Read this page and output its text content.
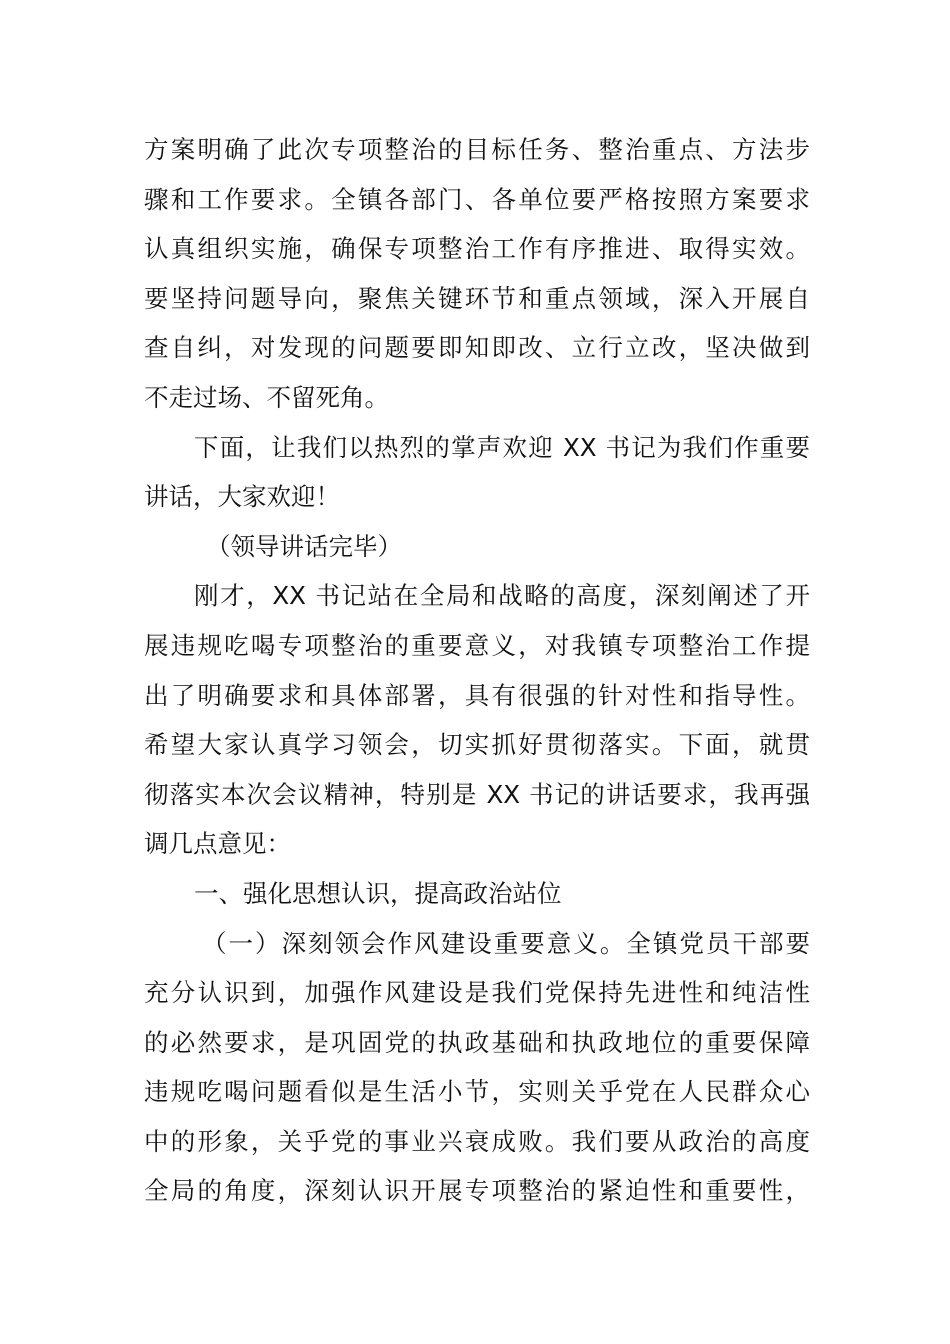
方案明确了此次专项整治的目标任务、整治重点、方法步
骤和工作要求。全镇各部门、各单位要严格按照方案要求
认真组织实施，确保专项整治工作有序推进、取得实效。
要坚持问题导向，聚焦关键环节和重点领域，深入开展自
查自纠，对发现的问题要即知即改、立行立改，坚决做到
不走过场、不留死角。
下面，让我们以热烈的掌声欢迎 XX 书记为我们作重要
讲话，大家欢迎！
（领导讲话完毕）
刚才，XX 书记站在全局和战略的高度，深刻阐述了开
展违规吃喝专项整治的重要意义，对我镇专项整治工作提
出了明确要求和具体部署，具有很强的针对性和指导性。
希望大家认真学习领会，切实抓好贯彻落实。下面，就贯
彻落实本次会议精神，特别是 XX 书记的讲话要求，我再强
调几点意见：
一、强化思想认识，提高政治站位
（一）深刻领会作风建设重要意义。全镇党员干部要
充分认识到，加强作风建设是我们党保持先进性和纯洁性
的必然要求，是巩固党的执政基础和执政地位的重要保障
违规吃喝问题看似是生活小节，实则关乎党在人民群众心
中的形象，关乎党的事业兴衰成败。我们要从政治的高度
全局的角度，深刻认识开展专项整治的紧迫性和重要性，
